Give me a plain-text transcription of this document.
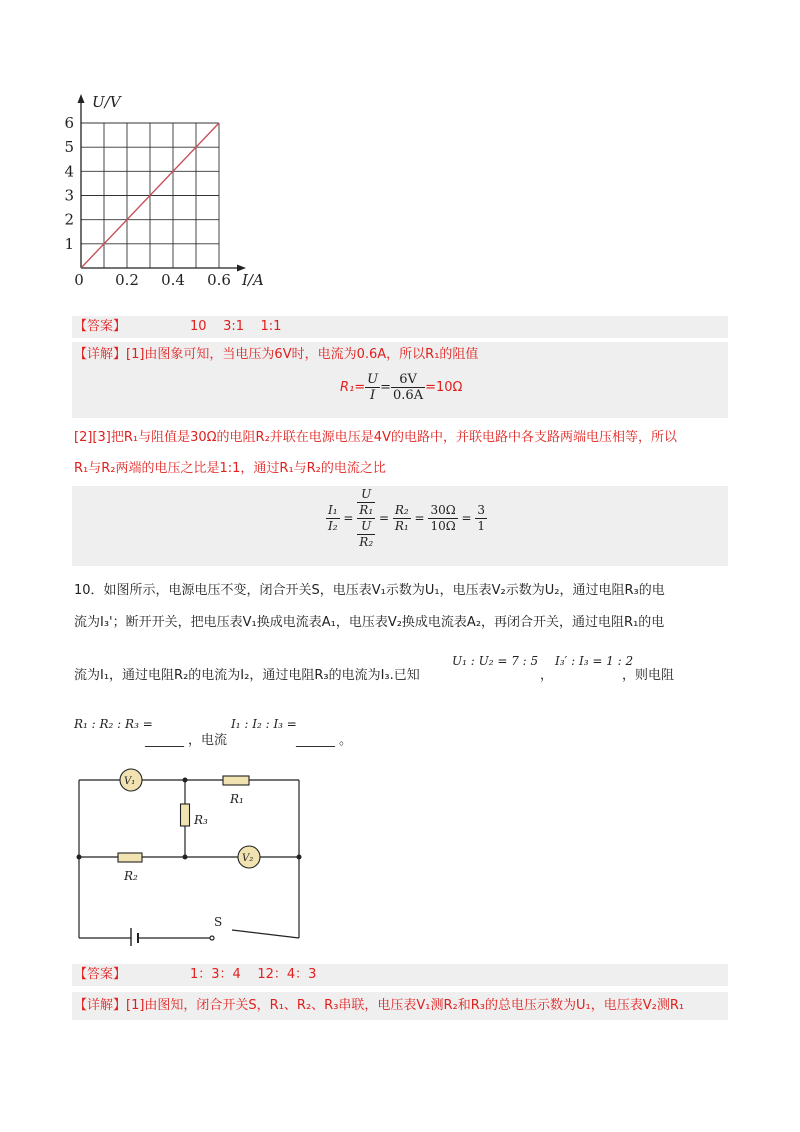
1
2
3
4
5
6
0 0.2 0.4 0.6
U/V
I/A
【答案】	10    3:1    1:1
【详解】[1]由图象可知，当电压为6V时，电流为0.6A，所以R₁的阻值
$R_1= \frac{U}{I} = \frac{6V}{0.6A} =10\Omega$
[2][3]把R₁与阻值是30Ω的电阻R₂并联在电源电压是4V的电路中，并联电路中各支路两端电压相等，所以
R₁与R₂两端的电压之比是1:1，通过R₁与R₂的电流之比
$\frac{\text{I₁}}{\text{I₂}} = \frac{\frac{U}{\text{R₁}}}{\frac{U}{\text{R₂}}} = \frac{\text{R₂}}{\text{R₁}} = \frac{30\Omega}{10\Omega} = \frac{3}{1}$
10．如图所示，电源电压不变，闭合开关S，电压表V₁示数为U₁，电压表V₂示数为U₂，通过电阻R₃的电
流为I₃'；断开开关，把电压表V₁换成电流表A₁，电压表V₂换成电流表A₂，再闭合开关，通过电阻R₁的电
流为I₁，通过电阻R₂的电流为I₂，通过电阻R₃的电流为I₃.已知
U₁ : U₂ = 7 : 5
，
I₃′ : I₃ = 1 : 2
，则电阻
R₁ : R₂ : R₃ =
______ ，电流
I₁ : I₂ : I₃ =
______ 。
V₁
V₂
R₁
R₂
R₃
S
【答案】	1：3：4    12：4：3
【详解】[1]由图知，闭合开关S，R₁、R₂、R₃串联，电压表V₁测R₂和R₃的总电压示数为U₁，电压表V₂测R₁
